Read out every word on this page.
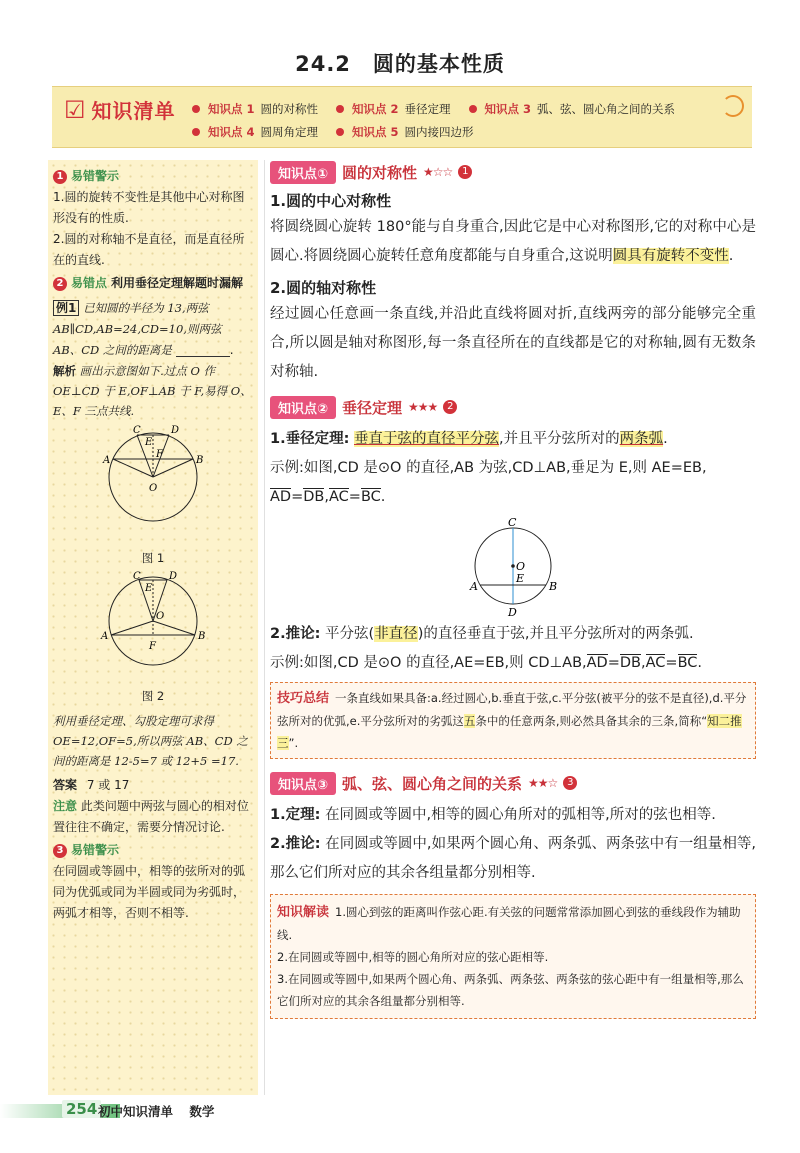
24.2　圆的基本性质
☑ 知识清单	知识点 1 圆的对称性	知识点 2 垂径定理	知识点 3 弧、弦、圆心角之间的关系
知识点 4 圆周角定理	知识点 5 圆内接四边形
1 易错警示
1.圆的旋转不变性是其他中心对称图形没有的性质.
2.圆的对称轴不是直径，而是直径所在的直线.
2 易错点 利用垂径定理解题时漏解
例1 已知圆的半径为 13,两弦 AB∥CD,AB=24,CD=10,则两弦 AB、CD 之间的距离是	.
解析 画出示意图如下.过点 O 作 OE⊥CD 于 E,OF⊥AB 于 F,易得 O、E、F 三点共线.
C	D
E
F
A	B
O
图 1
C	D
E
O
F
A	B
图 2
利用垂径定理、勾股定理可求得 OE=12,OF=5,所以两弦 AB、CD 之间的距离是 12-5=7 或 12+5 =17.
答案 7 或 17
注意 此类问题中两弦与圆心的相对位置往往不确定，需要分情况讨论.
3 易错警示
在同圆或等圆中，相等的弦所对的弧同为优弧或同为半圆或同为劣弧时，两弧才相等，否则不相等.
知识点① 圆的对称性 ★☆☆ 1
1.圆的中心对称性
将圆绕圆心旋转 180°能与自身重合,因此它是中心对称图形,它的对称中心是圆心.将圆绕圆心旋转任意角度都能与自身重合,这说明圆具有旋转不变性.
2.圆的轴对称性
经过圆心任意画一条直线,并沿此直线将圆对折,直线两旁的部分能够完全重合,所以圆是轴对称图形,每一条直径所在的直线都是它的对称轴,圆有无数条对称轴.
知识点② 垂径定理 ★★★ 2
1.垂径定理: 垂直于弦的直径平分弦,并且平分弦所对的两条弧.
示例:如图,CD 是⊙O 的直径,AB 为弦,CD⊥AB,垂足为 E,则 AE=EB,
AD=DB,AC=BC.
C
O
E
A	B
D
2.推论: 平分弦(非直径)的直径垂直于弦,并且平分弦所对的两条弧.
示例:如图,CD 是⊙O 的直径,AE=EB,则 CD⊥AB,AD=DB,AC=BC.
技巧总结 一条直线如果具备:a.经过圆心,b.垂直于弦,c.平分弦(被平分的弦不是直径),d.平分弦所对的优弧,e.平分弦所对的劣弧这五条中的任意两条,则必然具备其余的三条,简称“知二推三”.
知识点③ 弧、弦、圆心角之间的关系 ★★☆ 3
1.定理: 在同圆或等圆中,相等的圆心角所对的弧相等,所对的弦也相等.
2.推论: 在同圆或等圆中,如果两个圆心角、两条弧、两条弦中有一组量相等,那么它们所对应的其余各组量都分别相等.
知识解读 1.圆心到弦的距离叫作弦心距.有关弦的问题常常添加圆心到弦的垂线段作为辅助线.
2.在同圆或等圆中,相等的圆心角所对应的弦心距相等.
3.在同圆或等圆中,如果两个圆心角、两条弧、两条弦、两条弦的弦心距中有一组量相等,那么它们所对应的其余各组量都分别相等.
254 初中知识清单 数学
